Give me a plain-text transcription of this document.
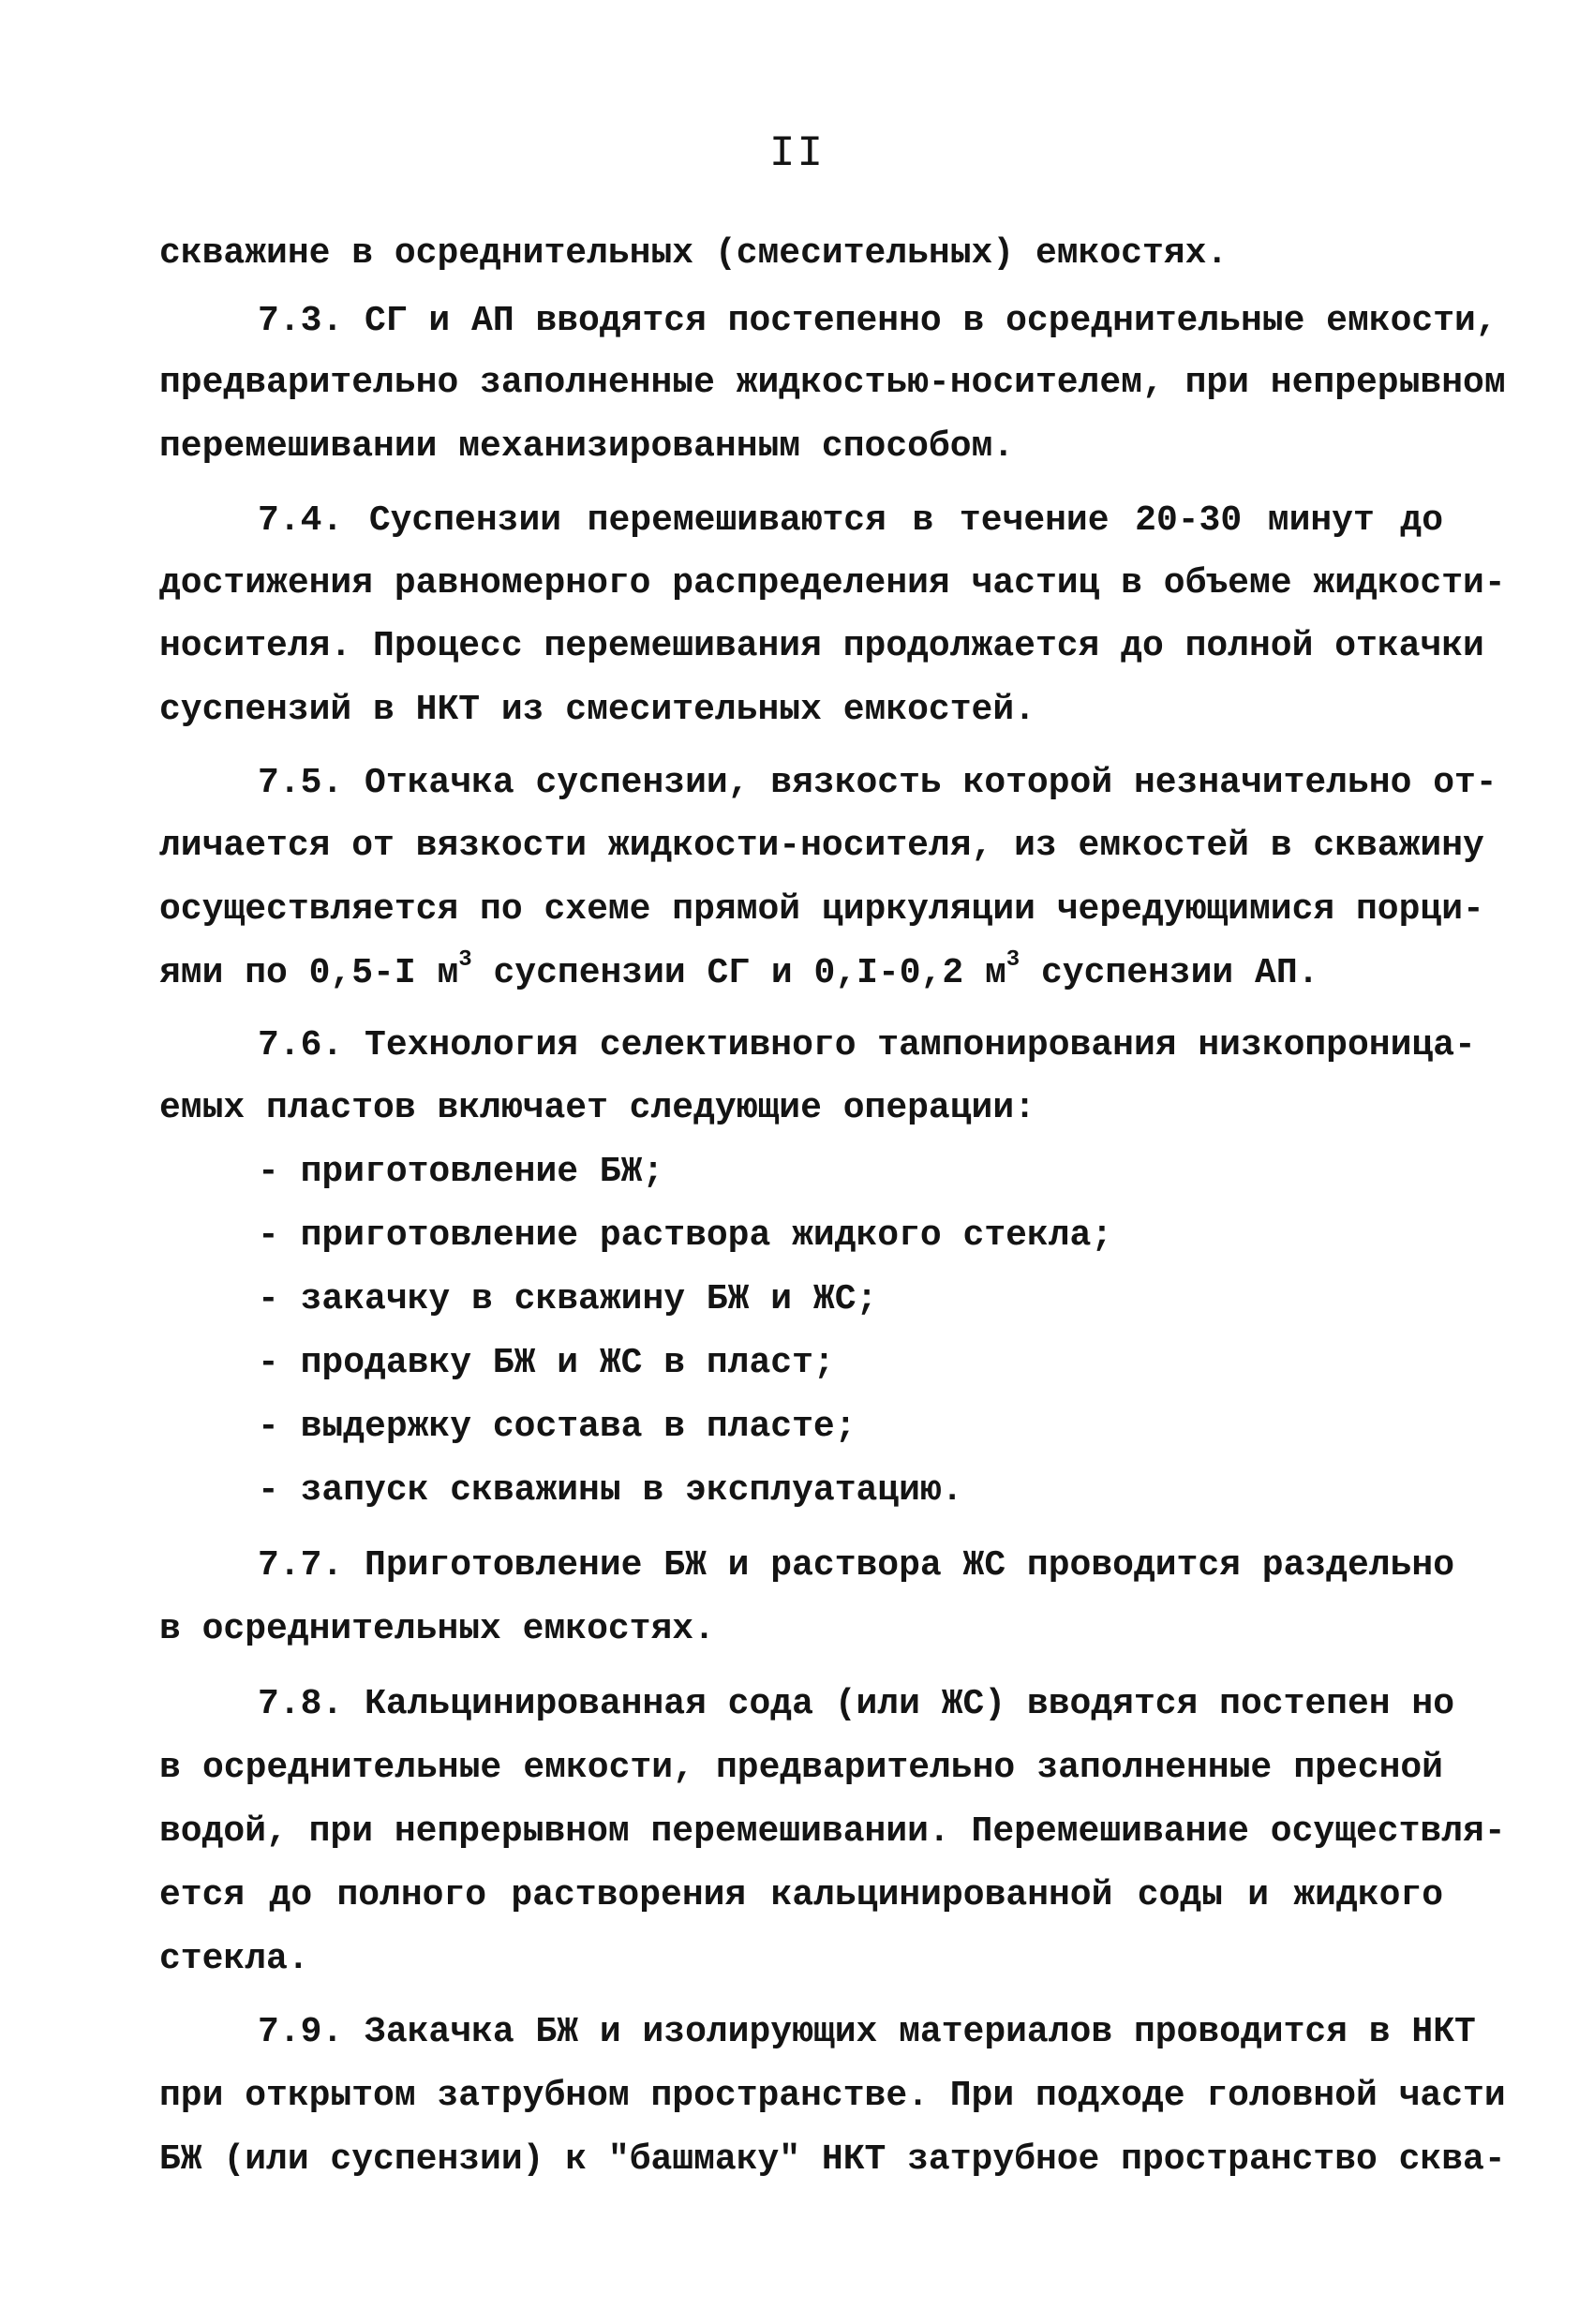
II
скважине в осреднительных (смесительных) емкостях.
7.3. СГ и АП вводятся постепенно в осреднительные емкости,
предварительно заполненные жидкостью-носителем, при непрерывном
перемешивании механизированным способом.
7.4. Суспензии перемешиваются в течение 20-30 минут до
достижения равномерного распределения частиц в объеме жидкости-
носителя. Процесс перемешивания продолжается до полной откачки
суспензий в НКТ из смесительных емкостей.
7.5. Откачка суспензии, вязкость которой незначительно от-
личается от вязкости жидкости-носителя, из емкостей в скважину
осуществляется по схеме прямой циркуляции чередующимися порци-
ями по 0,5-I $м^3$ суспензии СГ и 0,I-0,2 $м^3$ суспензии АП.
7.6. Технология селективного тампонирования низкопроница-
емых пластов включает следующие операции:
- приготовление БЖ;
- приготовление раствора жидкого стекла;
- закачку в скважину БЖ и ЖС;
- продавку БЖ и ЖС в пласт;
- выдержку состава в пласте;
- запуск скважины в эксплуатацию.
7.7. Приготовление БЖ и раствора ЖС проводится раздельно
в осреднительных емкостях.
7.8. Кальцинированная сода (или ЖС) вводятся постепен но
в осреднительные емкости, предварительно заполненные пресной
водой, при непрерывном перемешивании. Перемешивание осуществля-
ется до полного растворения кальцинированной соды и жидкого
стекла.
7.9. Закачка БЖ и изолирующих материалов проводится в НКТ
при открытом затрубном пространстве. При подходе головной части
БЖ (или суспензии) к "башмаку" НКТ затрубное пространство сква-
